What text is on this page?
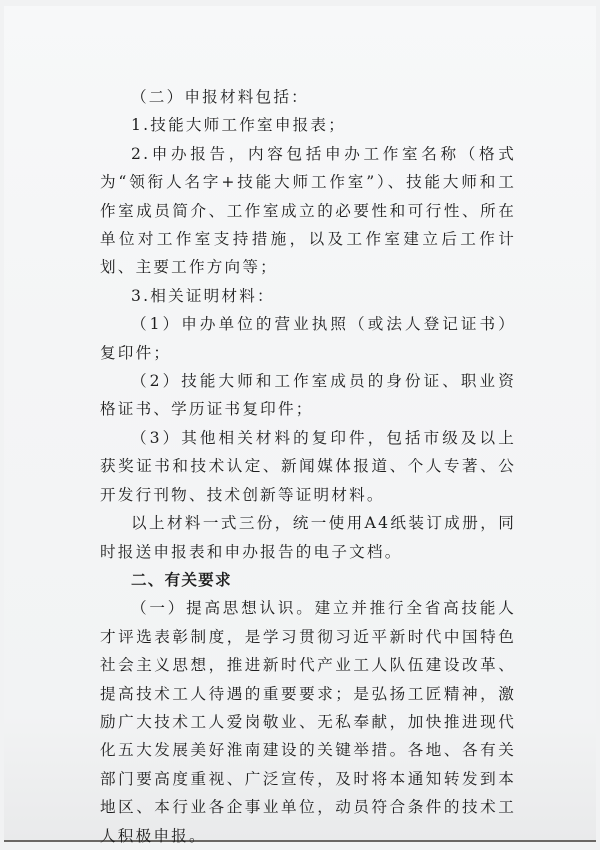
（二）申报材料包括：

1.技能大师工作室申报表；

2.申办报告，内容包括申办工作室名称（格式为“领衔人名字+技能大师工作室”）、技能大师和工作室成员简介、工作室成立的必要性和可行性、所在单位对工作室支持措施，以及工作室建立后工作计划、主要工作方向等；

3.相关证明材料：

（1）申办单位的营业执照（或法人登记证书）复印件；

（2）技能大师和工作室成员的身份证、职业资格证书、学历证书复印件；

（3）其他相关材料的复印件，包括市级及以上获奖证书和技术认定、新闻媒体报道、个人专著、公开发行刊物、技术创新等证明材料。

以上材料一式三份，统一使用A4纸装订成册，同时报送申报表和申办报告的电子文档。

二、有关要求

（一）提高思想认识。建立并推行全省高技能人才评选表彰制度，是学习贯彻习近平新时代中国特色社会主义思想，推进新时代产业工人队伍建设改革、提高技术工人待遇的重要要求；是弘扬工匠精神，激励广大技术工人爱岗敬业、无私奉献，加快推进现代化五大发展美好淮南建设的关键举措。各地、各有关部门要高度重视、广泛宣传，及时将本通知转发到本地区、本行业各企事业单位，动员符合条件的技术工人积极申报。
